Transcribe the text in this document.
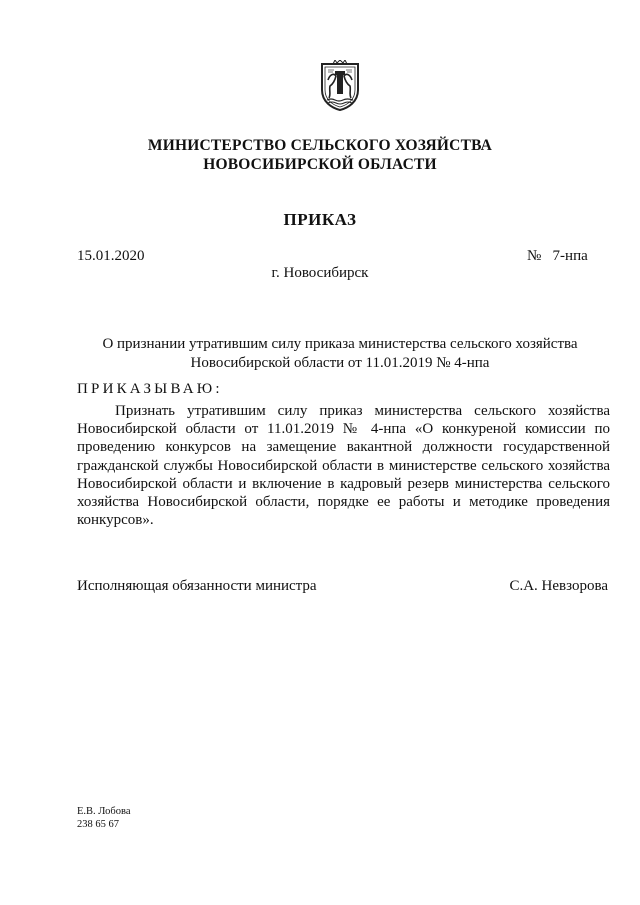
МИНИСТЕРСТВО СЕЛЬСКОГО ХОЗЯЙСТВА
НОВОСИБИРСКОЙ ОБЛАСТИ
ПРИКАЗ
15.01.2020	№   7-нпа
г. Новосибирск
О признании утратившим силу приказа министерства сельского хозяйства
Новосибирской области от 11.01.2019 № 4-нпа
ПРИКАЗЫВАЮ:

Признать утратившим силу приказ министерства сельского хозяйства Новосибирской области от 11.01.2019 № 4-нпа «О конкуреной комиссии по проведению конкурсов на замещение вакантной должности государственной гражданской службы Новосибирской области в министерстве сельского хозяйства Новосибирской области и включение в кадровый резерв министерства сельского хозяйства Новосибирской области, порядке ее работы и методике проведения конкурсов».

Исполняющая обязанности министра	С.А. Невзорова
Е.В. Лобова
238 65 67
